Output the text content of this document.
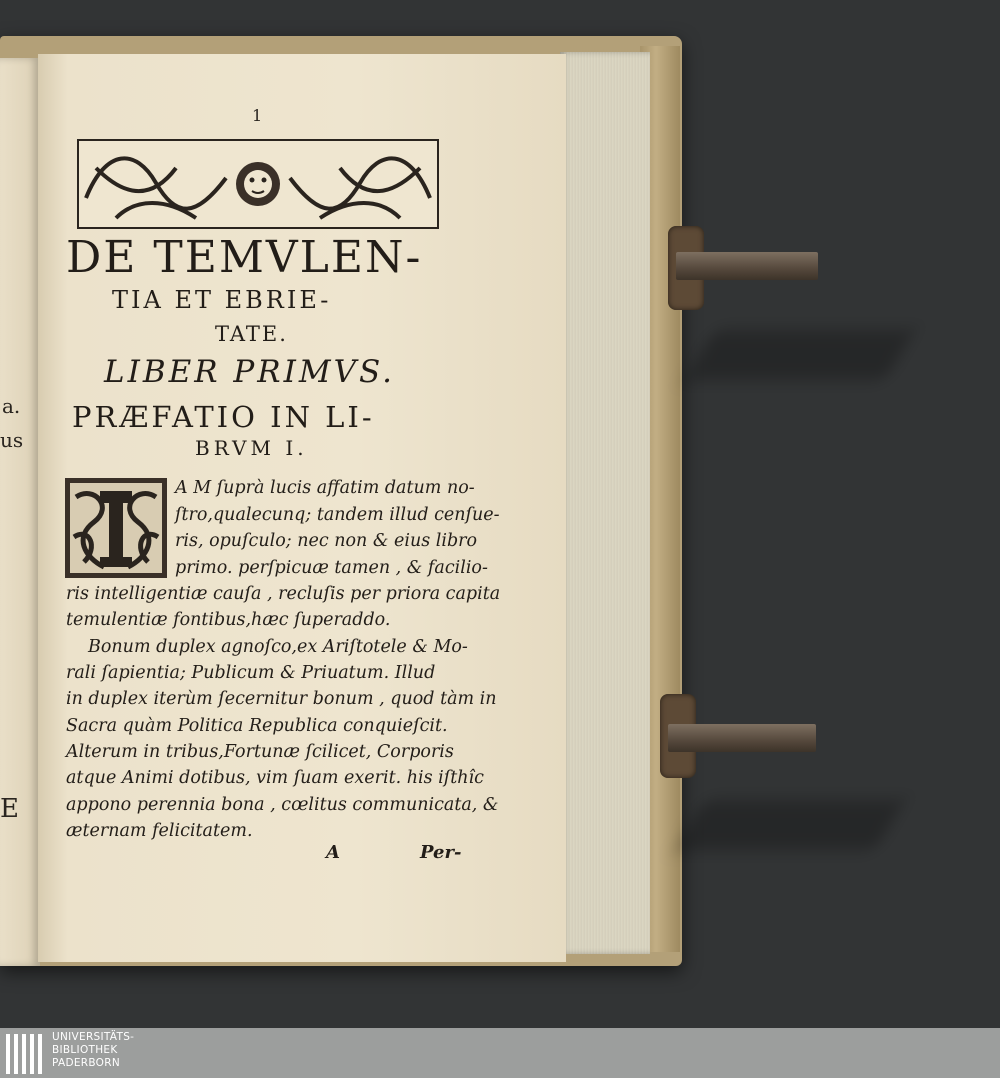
a.
us
E
1
DE TEMVLEN-
TIA ET EBRIE-
TATE.
LIBER PRIMVS.
PRÆFATIO IN LI-
BRVM I.
A M ſuprà lucis affatim datum no-
ſtro,qualecunq; tandem illud cenſue-
ris, opuſculo; nec non & eius libro
primo. perſpicuæ tamen , & facilio-
ris intelligentiæ cauſa , recluſis per priora capita
temulentiæ fontibus,hæc ſuperaddo.
Bonum duplex agnoſco,ex Ariſtotele & Mo-
rali ſapientia; Publicum & Priuatum. Illud
in duplex iterùm ſecernitur bonum , quod tàm in
Sacra quàm Politica Republica conquieſcit.
Alterum in tribus,Fortunæ ſcilicet, Corporis
atque Animi dotibus, vim ſuam exerit. his iſthîc
appono perennia bona , cœlitus communicata, &
æternam felicitatem.
A	Per-
UNIVERSITÄTS-
BIBLIOTHEK
PADERBORN
